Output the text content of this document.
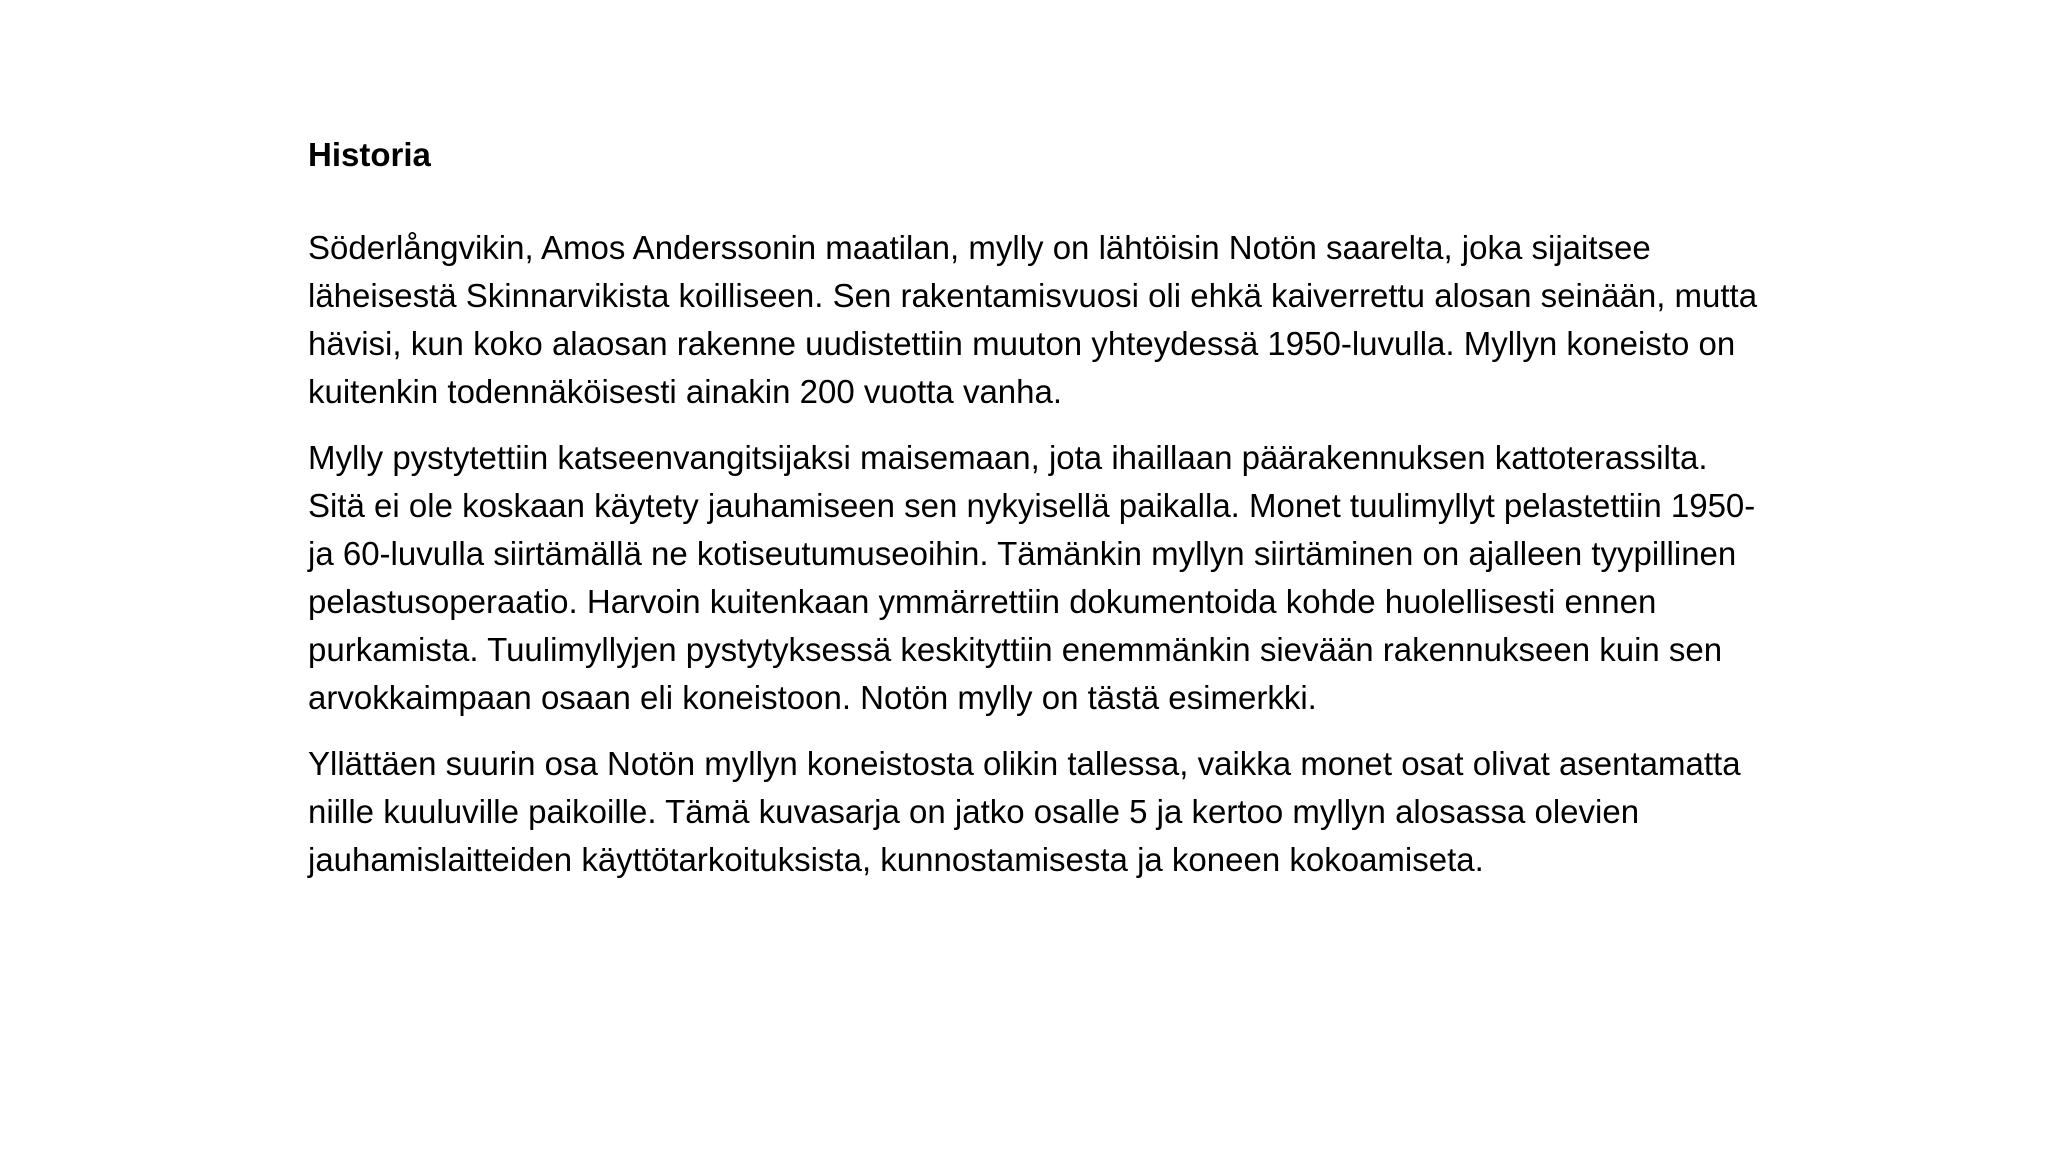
Historia

Söderlångvikin, Amos Anderssonin maatilan, mylly on lähtöisin Notön saarelta, joka sijaitsee
läheisestä Skinnarvikista koilliseen. Sen rakentamisvuosi oli ehkä kaiverrettu alosan seinään, mutta
hävisi, kun koko alaosan rakenne uudistettiin muuton yhteydessä 1950-luvulla. Myllyn koneisto on
kuitenkin todennäköisesti ainakin 200 vuotta vanha.

Mylly pystytettiin katseenvangitsijaksi maisemaan, jota ihaillaan päärakennuksen kattoterassilta.
Sitä ei ole koskaan käytety jauhamiseen sen nykyisellä paikalla. Monet tuulimyllyt pelastettiin 1950-
ja 60-luvulla siirtämällä ne kotiseutumuseoihin. Tämänkin myllyn siirtäminen on ajalleen tyypillinen
pelastusoperaatio. Harvoin kuitenkaan ymmärrettiin dokumentoida kohde huolellisesti ennen
purkamista. Tuulimyllyjen pystytyksessä keskityttiin enemmänkin sievään rakennukseen kuin sen
arvokkaimpaan osaan eli koneistoon. Notön mylly on tästä esimerkki.

Yllättäen suurin osa Notön myllyn koneistosta olikin tallessa, vaikka monet osat olivat asentamatta
niille kuuluville paikoille. Tämä kuvasarja on jatko osalle 5 ja kertoo myllyn alosassa olevien
jauhamislaitteiden käyttötarkoituksista, kunnostamisesta ja koneen kokoamiseta.
